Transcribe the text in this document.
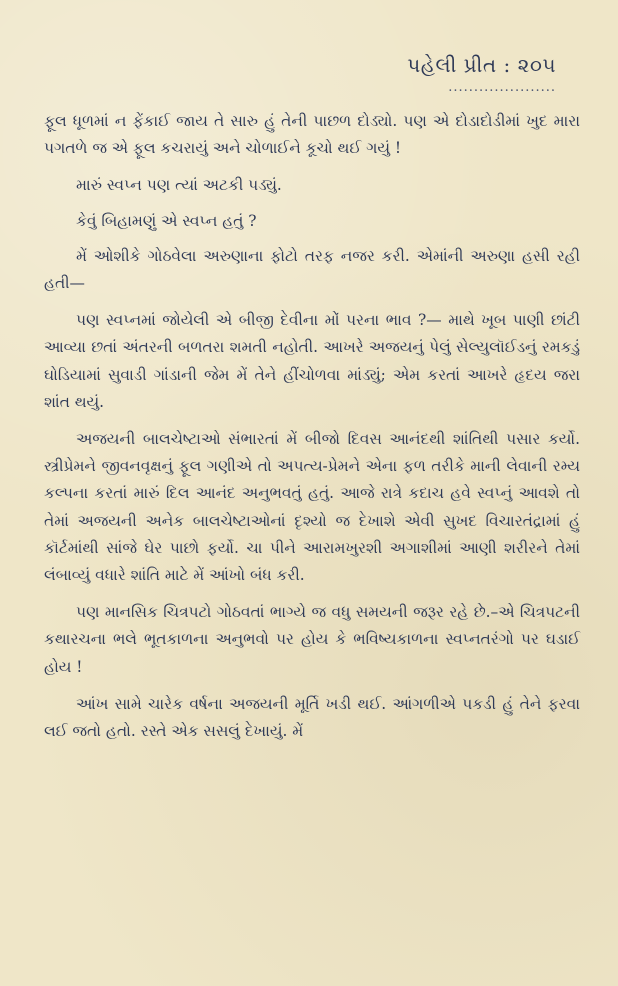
પહેલી પ્રીત : ૨૦૫
.....................

ફૂલ ધૂળમાં ન ફેંકાઈ જાય તે સારુ હું તેની પાછળ દોડ્યો. પણ એ દોડાદોડીમાં ખુદ મારા પગતળે જ એ ફૂલ કચરાયું અને ચોળાઈને કૂચો થઈ ગયું !

મારું સ્વપ્ન પણ ત્યાં અટકી પડ્યું.

કેવું બિહામણું એ સ્વપ્ન હતું ?

મેં ઓશીકે ગોઠવેલા અરુણાના ફોટો તરફ નજર કરી. એમાંની અરુણા હસી રહી હતી—

પણ સ્વપ્નમાં જોયેલી એ બીજી દેવીના મોં પરના ભાવ ?— માથે ખૂબ પાણી છાંટી આવ્યા છતાં અંતરની બળતરા શમતી નહોતી. આખરે અજયનું પેલું સેલ્યુલૉઈડનું રમકડું ઘોડિયામાં સુવાડી ગાંડાની જેમ મેં તેને હીંચોળવા માંડ્યું; એમ કરતાં આખરે હૃદય જરા શાંત થયું.

અજયની બાલચેષ્ટાઓ સંભારતાં મેં બીજો દિવસ આનંદથી શાંતિથી પસાર કર્યો. સ્ત્રીપ્રેમને જીવનવૃક્ષનું ફૂલ ગણીએ તો અપત્ય-પ્રેમને એના ફળ તરીકે માની લેવાની રમ્ય કલ્પના કરતાં મારું દિલ આનંદ અનુભવતું હતું. આજે રાત્રે કદાચ હવે સ્વપ્નું આવશે તો તેમાં અજયની અનેક બાલચેષ્ટાઓનાં દૃશ્યો જ દેખાશે એવી સુખદ વિચારતંદ્રામાં હું કૉર્ટમાંથી સાંજે ઘેર પાછો ફર્યો. ચા પીને આરામખુરશી અગાશીમાં આણી શરીરને તેમાં લંબાવ્યું વધારે શાંતિ માટે મેં આંખો બંધ કરી.

પણ માનસિક ચિત્રપટો ગોઠવતાં ભાગ્યે જ વધુ સમયની જરૂર રહે છે.–એ ચિત્રપટની કથારચના ભલે ભૂતકાળના અનુભવો પર હોય કે ભવિષ્યકાળના સ્વપ્નતરંગો પર ઘડાઈ હોય !

આંખ સામે ચારેક વર્ષના અજયની મૂર્તિ ખડી થઈ. આંગળીએ પકડી હું તેને ફરવા લઈ જતો હતો. રસ્તે એક સસલું દેખાયું. મેં
